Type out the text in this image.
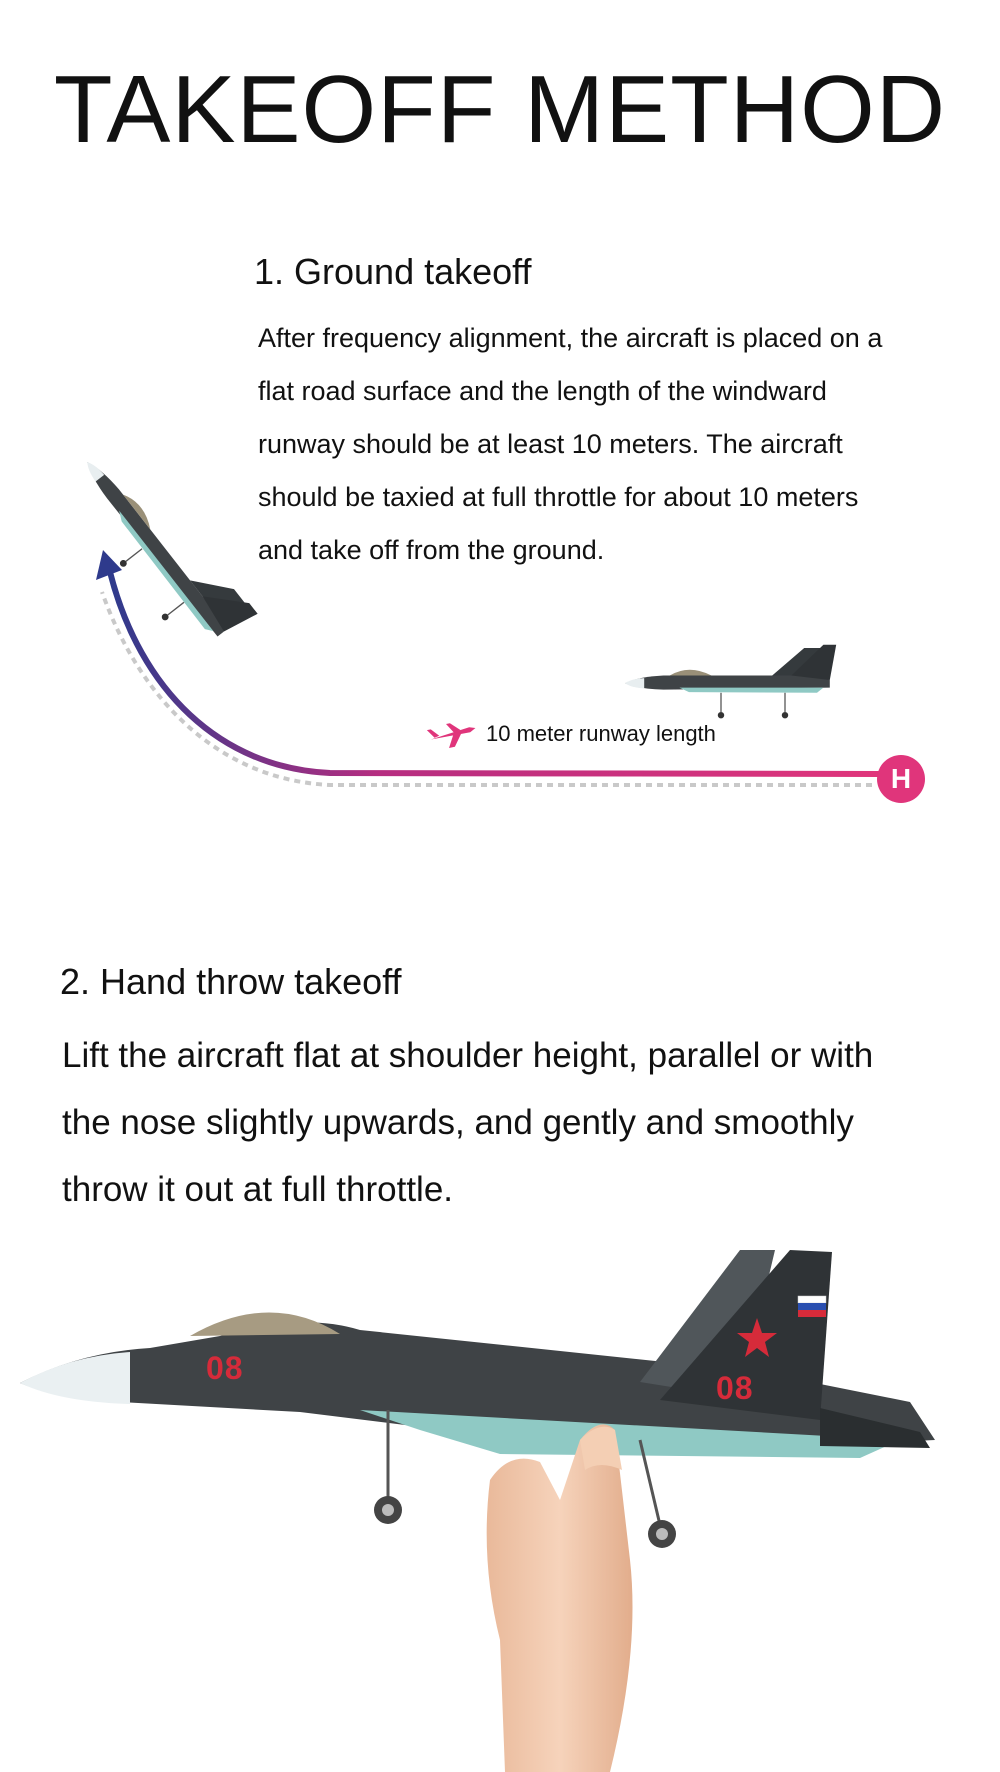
TAKEOFF METHOD
1. Ground takeoff
After frequency alignment, the aircraft is placed on a
flat road surface and the length of the windward
runway should be at least 10 meters. The aircraft
should be taxied at full throttle for about 10 meters
and take off from the ground.
08
08
10 meter runway length
H
2. Hand throw takeoff
Lift the aircraft flat at shoulder height, parallel or with
the nose slightly upwards, and gently and smoothly
throw it out at full throttle.
